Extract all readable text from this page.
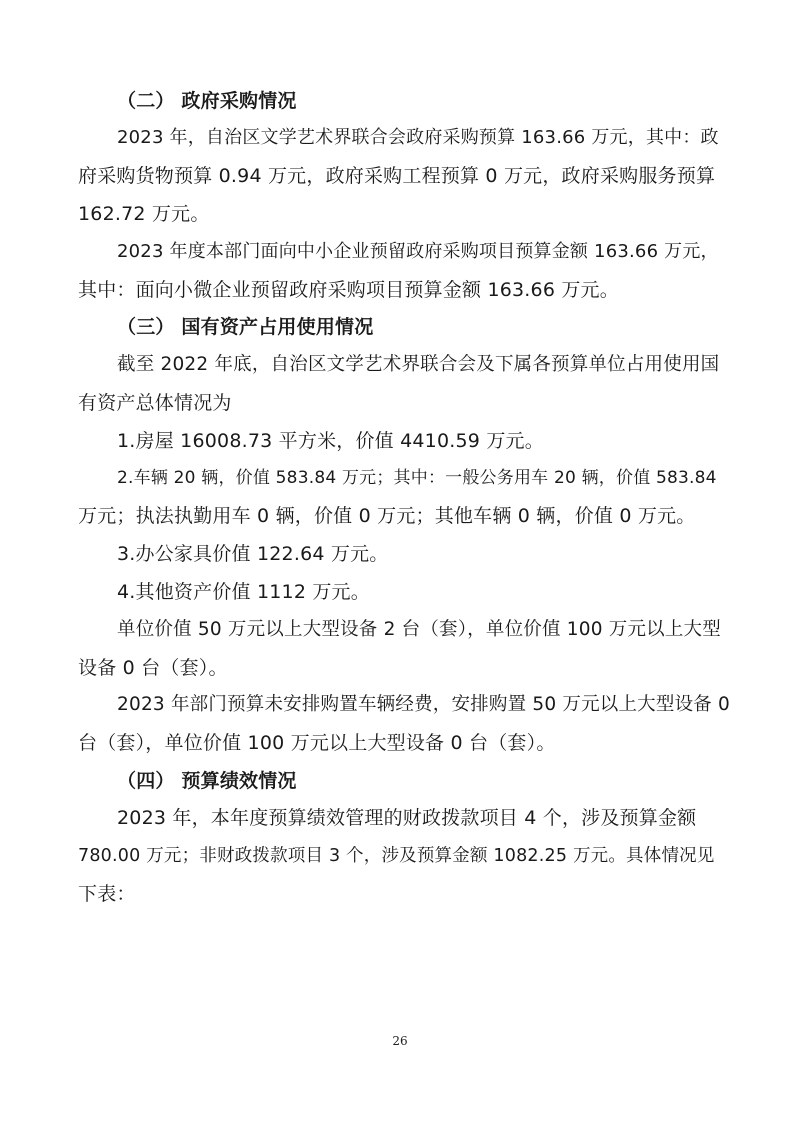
（二） 政府采购情况
2023 年，自治区文学艺术界联合会政府采购预算 163.66 万元，其中：政
府采购货物预算 0.94 万元，政府采购工程预算 0 万元，政府采购服务预算
162.72 万元。
2023 年度本部门面向中小企业预留政府采购项目预算金额 163.66 万元，
其中：面向小微企业预留政府采购项目预算金额 163.66 万元。
（三） 国有资产占用使用情况
截至 2022 年底，自治区文学艺术界联合会及下属各预算单位占用使用国
有资产总体情况为
1.房屋 16008.73 平方米，价值 4410.59 万元。
2.车辆 20 辆，价值 583.84 万元；其中：一般公务用车 20 辆，价值 583.84
万元；执法执勤用车 0 辆，价值 0 万元；其他车辆 0 辆，价值 0 万元。
3.办公家具价值 122.64 万元。
4.其他资产价值 1112 万元。
单位价值 50 万元以上大型设备 2 台（套），单位价值 100 万元以上大型
设备 0 台（套）。
2023 年部门预算未安排购置车辆经费，安排购置 50 万元以上大型设备 0
台（套），单位价值 100 万元以上大型设备 0 台（套）。
（四） 预算绩效情况
2023 年，本年度预算绩效管理的财政拨款项目 4 个，涉及预算金额
780.00 万元；非财政拨款项目 3 个，涉及预算金额 1082.25 万元。具体情况见
下表：
26
